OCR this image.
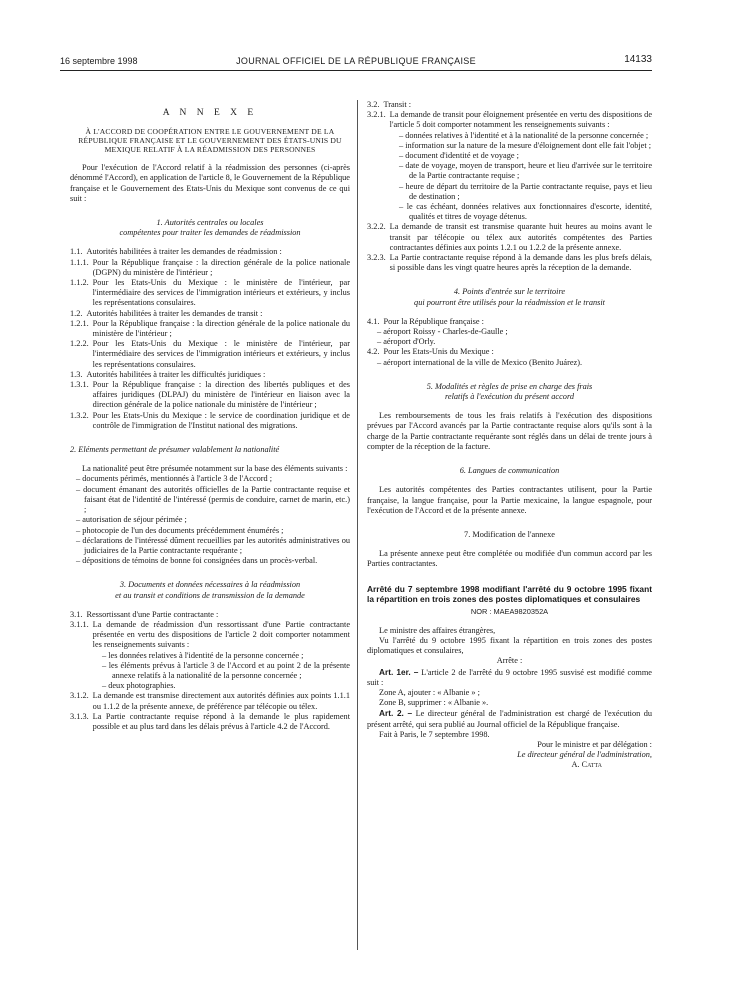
16 septembre 1998	JOURNAL OFFICIEL DE LA RÉPUBLIQUE FRANÇAISE	14133

A N N E X E

À L'ACCORD DE COOPÉRATION ENTRE LE GOUVERNEMENT DE LA RÉPUBLIQUE FRANÇAISE ET LE GOUVERNEMENT DES ÉTATS-UNIS DU MEXIQUE RELATIF À LA RÉADMISSION DES PERSONNES

Pour l'exécution de l'Accord relatif à la réadmission des personnes (ci-après dénommé l'Accord), en application de l'article 8, le Gouvernement de la République française et le Gouvernement des Etats-Unis du Mexique sont convenus de ce qui suit :

1. Autorités centrales ou locales

compétentes pour traiter les demandes de réadmission

1.1. Autorités habilitées à traiter les demandes de réadmission :
1.1.1. Pour la République française : la direction générale de la police nationale (DGPN) du ministère de l'intérieur ;
1.1.2. Pour les Etats-Unis du Mexique : le ministère de l'intérieur, par l'intermédiaire des services de l'immigration intérieurs et extérieurs, y inclus les représentations consulaires.
1.2. Autorités habilitées à traiter les demandes de transit :
1.2.1. Pour la République française : la direction générale de la police nationale du ministère de l'intérieur ;
1.2.2. Pour les Etats-Unis du Mexique : le ministère de l'intérieur, par l'intermédiaire des services de l'immigration intérieurs et extérieurs, y inclus les représentations consulaires.
1.3. Autorités habilitées à traiter les difficultés juridiques :
1.3.1. Pour la République française : la direction des libertés publiques et des affaires juridiques (DLPAJ) du ministère de l'intérieur en liaison avec la direction générale de la police nationale du ministère de l'intérieur ;
1.3.2. Pour les Etats-Unis du Mexique : le service de coordination juridique et de contrôle de l'immigration de l'Institut national des migrations.

2. Eléments permettant de présumer valablement la nationalité

La nationalité peut être présumée notamment sur la base des éléments suivants :

– documents périmés, mentionnés à l'article 3 de l'Accord ;

– document émanant des autorités officielles de la Partie contractante requise et faisant état de l'identité de l'intéressé (permis de conduire, carnet de marin, etc.) ;

– autorisation de séjour périmée ;

– photocopie de l'un des documents précédemment énumérés ;

– déclarations de l'intéressé dûment recueillies par les autorités administratives ou judiciaires de la Partie contractante requérante ;

– dépositions de témoins de bonne foi consignées dans un procès-verbal.

3. Documents et données nécessaires à la réadmission

et au transit et conditions de transmission de la demande

3.1. Ressortissant d'une Partie contractante :
3.1.1. La demande de réadmission d'un ressortissant d'une Partie contractante présentée en vertu des dispositions de l'article 2 doit comporter notamment les renseignements suivants :

– les données relatives à l'identité de la personne concernée ;

– les éléments prévus à l'article 3 de l'Accord et au point 2 de la présente annexe relatifs à la nationalité de la personne concernée ;

– deux photographies.

3.1.2. La demande est transmise directement aux autorités définies aux points 1.1.1 ou 1.1.2 de la présente annexe, de préférence par télécopie ou télex.
3.1.3. La Partie contractante requise répond à la demande le plus rapidement possible et au plus tard dans les délais prévus à l'article 4.2 de l'Accord.
3.2. Transit :
3.2.1. La demande de transit pour éloignement présentée en vertu des dispositions de l'article 5 doit comporter notamment les renseignements suivants :

– données relatives à l'identité et à la nationalité de la personne concernée ;

– information sur la nature de la mesure d'éloignement dont elle fait l'objet ;

– document d'identité et de voyage ;

– date de voyage, moyen de transport, heure et lieu d'arrivée sur le territoire de la Partie contractante requise ;

– heure de départ du territoire de la Partie contractante requise, pays et lieu de destination ;

– le cas échéant, données relatives aux fonctionnaires d'escorte, identité, qualités et titres de voyage détenus.

3.2.2. La demande de transit est transmise quarante huit heures au moins avant le transit par télécopie ou télex aux autorités compétentes des Parties contractantes définies aux points 1.2.1 ou 1.2.2 de la présente annexe.
3.2.3. La Partie contractante requise répond à la demande dans les plus brefs délais, si possible dans les vingt quatre heures après la réception de la demande.

4. Points d'entrée sur le territoire

qui pourront être utilisés pour la réadmission et le transit

4.1. Pour la République française :

– aéroport Roissy - Charles-de-Gaulle ;

– aéroport d'Orly.

4.2. Pour les Etats-Unis du Mexique :

– aéroport international de la ville de Mexico (Benito Juárez).

5. Modalités et règles de prise en charge des frais

relatifs à l'exécution du présent accord

Les remboursements de tous les frais relatifs à l'exécution des dispositions prévues par l'Accord avancés par la Partie contractante requise alors qu'ils sont à la charge de la Partie contractante requérante sont réglés dans un délai de trente jours à compter de la réception de la facture.

6. Langues de communication

Les autorités compétentes des Parties contractantes utilisent, pour la Partie française, la langue française, pour la Partie mexicaine, la langue espagnole, pour l'exécution de l'Accord et de la présente annexe.

7. Modification de l'annexe

La présente annexe peut être complétée ou modifiée d'un commun accord par les Parties contractantes.

Arrêté du 7 septembre 1998 modifiant l'arrêté du 9 octobre 1995 fixant la répartition en trois zones des postes diplomatiques et consulaires

NOR : MAEA9820352A

Le ministre des affaires étrangères,

Vu l'arrêté du 9 octobre 1995 fixant la répartition en trois zones des postes diplomatiques et consulaires,

Arrête :

Art. 1er. – L'article 2 de l'arrêté du 9 octobre 1995 susvisé est modifié comme suit :

Zone A, ajouter : « Albanie » ;

Zone B, supprimer : « Albanie ».

Art. 2. – Le directeur général de l'administration est chargé de l'exécution du présent arrêté, qui sera publié au Journal officiel de la République française.

Fait à Paris, le 7 septembre 1998.

Pour le ministre et par délégation :

Le directeur général de l'administration,

A. Catta
